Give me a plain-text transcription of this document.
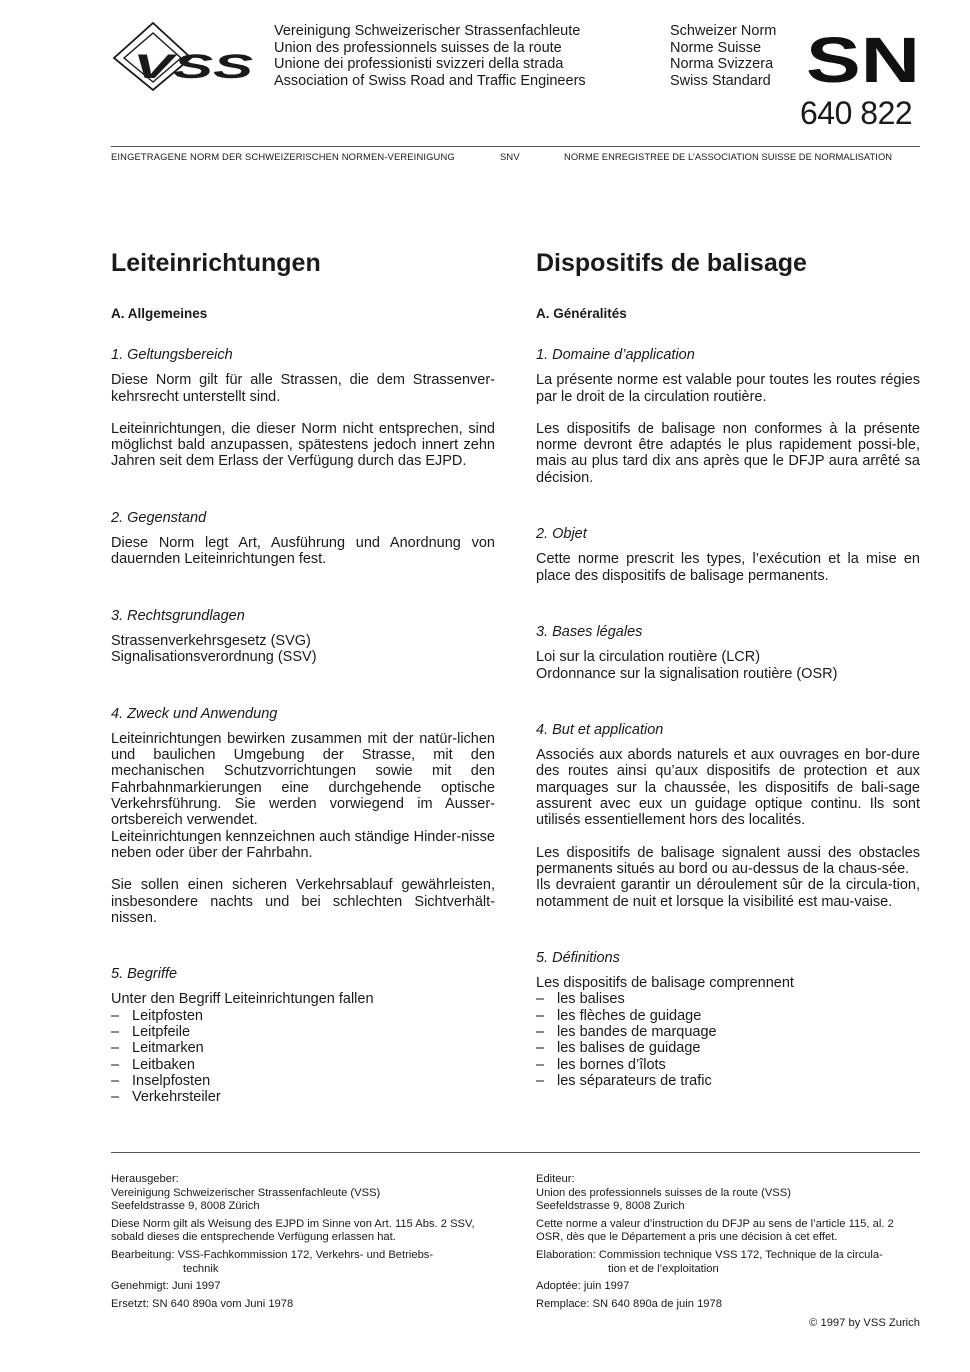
VSS
Vereinigung Schweizerischer Strassenfachleute
Union des professionnels suisses de la route
Unione dei professionisti svizzeri della strada
Association of Swiss Road and Traffic Engineers
Schweizer Norm
Norme Suisse
Norma Svizzera
Swiss Standard SN
640 822
EINGETRAGENE NORM DER SCHWEIZERISCHEN NORMEN-VEREINIGUNG	SNV	NORME ENREGISTREE DE L’ASSOCIATION SUISSE DE NORMALISATION
Leiteinrichtungen

A. Allgemeines

1. Geltungsbereich

Diese Norm gilt für alle Strassen, die dem Strassenver-kehrsrecht unterstellt sind.

Leiteinrichtungen, die dieser Norm nicht entsprechen, sind möglichst bald anzupassen, spätestens jedoch innert zehn Jahren seit dem Erlass der Verfügung durch das EJPD.

2. Gegenstand

Diese Norm legt Art, Ausführung und Anordnung von dauernden Leiteinrichtungen fest.

3. Rechtsgrundlagen

Strassenverkehrsgesetz (SVG)

Signalisationsverordnung (SSV)

4. Zweck und Anwendung

Leiteinrichtungen bewirken zusammen mit der natür-lichen und baulichen Umgebung der Strasse, mit den mechanischen Schutzvorrichtungen sowie mit den Fahrbahnmarkierungen eine durchgehende optische Verkehrsführung. Sie werden vorwiegend im Ausser-ortsbereich verwendet.

Leiteinrichtungen kennzeichnen auch ständige Hinder-nisse neben oder über der Fahrbahn.

Sie sollen einen sicheren Verkehrsablauf gewährleisten, insbesondere nachts und bei schlechten Sichtverhält-nissen.

5. Begriffe

Unter den Begriff Leiteinrichtungen fallen

– Leitpfosten
– Leitpfeile
– Leitmarken
– Leitbaken
– Inselpfosten
– Verkehrsteiler
Dispositifs de balisage

A. Généralités

1. Domaine d’application

La présente norme est valable pour toutes les routes régies par le droit de la circulation routière.

Les dispositifs de balisage non conformes à la présente norme devront être adaptés le plus rapidement possi-ble, mais au plus tard dix ans après que le DFJP aura arrêté sa décision.

2. Objet

Cette norme prescrit les types, l’exécution et la mise en place des dispositifs de balisage permanents.

3. Bases légales

Loi sur la circulation routière (LCR)

Ordonnance sur la signalisation routière (OSR)

4. But et application

Associés aux abords naturels et aux ouvrages en bor-dure des routes ainsi qu’aux dispositifs de protection et aux marquages sur la chaussée, les dispositifs de bali-sage assurent avec eux un guidage optique continu. Ils sont utilisés essentiellement hors des localités.

Les dispositifs de balisage signalent aussi des obstacles permanents situés au bord ou au-dessus de la chaus-sée.

Ils devraient garantir un déroulement sûr de la circula-tion, notamment de nuit et lorsque la visibilité est mau-vaise.

5. Définitions

Les dispositifs de balisage comprennent

– les balises
– les flèches de guidage
– les bandes de marquage
– les balises de guidage
– les bornes d’îlots
– les séparateurs de trafic

Herausgeber:

Vereinigung Schweizerischer Strassenfachleute (VSS)

Seefeldstrasse 9, 8008 Zürich

Diese Norm gilt als Weisung des EJPD im Sinne von Art. 115 Abs. 2 SSV, sobald dieses die entsprechende Verfügung erlassen hat.

Bearbeitung: VSS-Fachkommission 172, Verkehrs- und Betriebs-

technik

Genehmigt: Juni 1997

Ersetzt: SN 640 890a vom Juni 1978

Editeur:

Union des professionnels suisses de la route (VSS)

Seefeldstrasse 9, 8008 Zurich

Cette norme a valeur d’instruction du DFJP au sens de l’article 115, al. 2 OSR, dès que le Département a pris une décision à cet effet.

Elaboration: Commission technique VSS 172, Technique de la circula-

tion et de l’exploitation

Adoptée: juin 1997

Remplace: SN 640 890a de juin 1978

© 1997 by VSS Zurich
